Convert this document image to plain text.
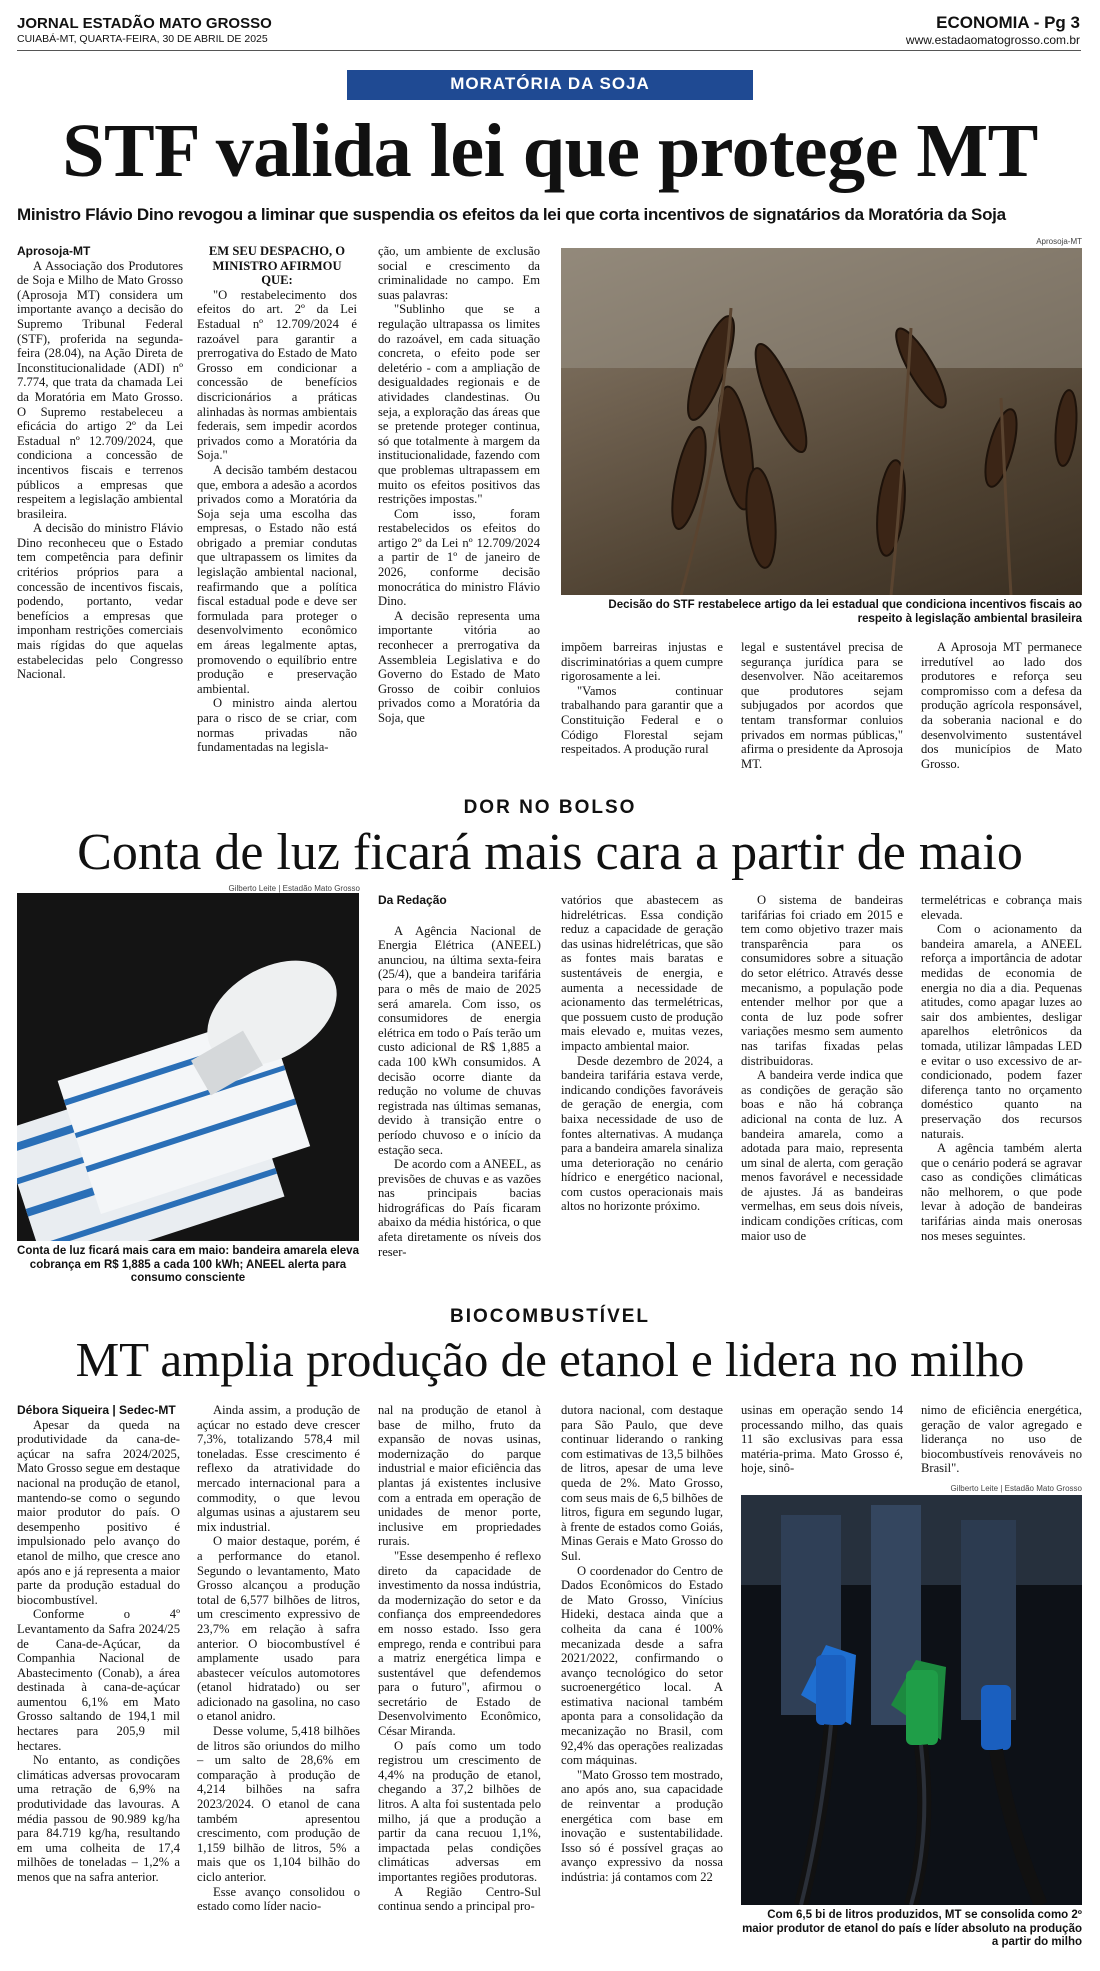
JORNAL ESTADÃO MATO GROSSO
CUIABÁ-MT, QUARTA-FEIRA, 30 DE ABRIL DE 2025
ECONOMIA - Pg 3
www.estadaomatogrosso.com.br
MORATÓRIA DA SOJA
STF valida lei que protege MT
Ministro Flávio Dino revogou a liminar que suspendia os efeitos da lei que corta incentivos de signatários da Moratória da Soja

Aprosoja-MT

A Associação dos Produtores de Soja e Milho de Mato Grosso (Aprosoja MT) considera um importante avanço a decisão do Supremo Tribunal Federal (STF), proferida na segunda-feira (28.04), na Ação Direta de Inconstitucionalidade (ADI) nº 7.774, que trata da chamada Lei da Moratória em Mato Grosso. O Supremo restabeleceu a eficácia do artigo 2º da Lei Estadual nº 12.709/2024, que condiciona a concessão de incentivos fiscais e terrenos públicos a empresas que respeitem a legislação ambiental brasileira.

A decisão do ministro Flávio Dino reconheceu que o Estado tem competência para definir critérios próprios para a concessão de incentivos fiscais, podendo, portanto, vedar benefícios a empresas que imponham restrições comerciais mais rígidas do que aquelas estabelecidas pelo Congresso Nacional.

EM SEU DESPACHO, O MINISTRO AFIRMOU QUE:

"O restabelecimento dos efeitos do art. 2º da Lei Estadual nº 12.709/2024 é razoável para garantir a prerrogativa do Estado de Mato Grosso em condicionar a concessão de benefícios discricionários a práticas alinhadas às normas ambientais federais, sem impedir acordos privados como a Moratória da Soja."

A decisão também destacou que, embora a adesão a acordos privados como a Moratória da Soja seja uma escolha das empresas, o Estado não está obrigado a premiar condutas que ultrapassem os limites da legislação ambiental nacional, reafirmando que a política fiscal estadual pode e deve ser formulada para proteger o desenvolvimento econômico em áreas legalmente aptas, promovendo o equilíbrio entre produção e preservação ambiental.

O ministro ainda alertou para o risco de se criar, com normas privadas não fundamentadas na legisla-

ção, um ambiente de exclusão social e crescimento da criminalidade no campo. Em suas palavras:

"Sublinho que se a regulação ultrapassa os limites do razoável, em cada situação concreta, o efeito pode ser deletério - com a ampliação de desigualdades regionais e de atividades clandestinas. Ou seja, a exploração das áreas que se pretende proteger continua, só que totalmente à margem da institucionalidade, fazendo com que problemas ultrapassem em muito os efeitos positivos das restrições impostas."

Com isso, foram restabelecidos os efeitos do artigo 2º da Lei nº 12.709/2024 a partir de 1º de janeiro de 2026, conforme decisão monocrática do ministro Flávio Dino.

A decisão representa uma importante vitória ao reconhecer a prerrogativa da Assembleia Legislativa e do Governo do Estado de Mato Grosso de coibir conluios privados como a Moratória da Soja, que

Aprosoja-MT
Decisão do STF restabelece artigo da lei estadual que condiciona incentivos fiscais ao respeito à legislação ambiental brasileira

impõem barreiras injustas e discriminatórias a quem cumpre rigorosamente a lei.

"Vamos continuar trabalhando para garantir que a Constituição Federal e o Código Florestal sejam respeitados. A produção rural

legal e sustentável precisa de segurança jurídica para se desenvolver. Não aceitaremos que produtores sejam subjugados por acordos que tentam transformar conluios privados em normas públicas," afirma o presidente da Aprosoja MT.

A Aprosoja MT permanece irredutível ao lado dos produtores e reforça seu compromisso com a defesa da produção agrícola responsável, da soberania nacional e do desenvolvimento sustentável dos municípios de Mato Grosso.

DOR NO BOLSO
Conta de luz ficará mais cara a partir de maio
Gilberto Leite | Estadão Mato Grosso
Conta de luz ficará mais cara em maio: bandeira amarela eleva cobrança em R$ 1,885 a cada 100 kWh; ANEEL alerta para consumo consciente

Da Redação

A Agência Nacional de Energia Elétrica (ANEEL) anunciou, na última sexta-feira (25/4), que a bandeira tarifária para o mês de maio de 2025 será amarela. Com isso, os consumidores de energia elétrica em todo o País terão um custo adicional de R$ 1,885 a cada 100 kWh consumidos. A decisão ocorre diante da redução no volume de chuvas registrada nas últimas semanas, devido à transição entre o período chuvoso e o início da estação seca.

De acordo com a ANEEL, as previsões de chuvas e as vazões nas principais bacias hidrográficas do País ficaram abaixo da média histórica, o que afeta diretamente os níveis dos reser-

vatórios que abastecem as hidrelétricas. Essa condição reduz a capacidade de geração das usinas hidrelétricas, que são as fontes mais baratas e sustentáveis de energia, e aumenta a necessidade de acionamento das termelétricas, que possuem custo de produção mais elevado e, muitas vezes, impacto ambiental maior.

Desde dezembro de 2024, a bandeira tarifária estava verde, indicando condições favoráveis de geração de energia, com baixa necessidade de uso de fontes alternativas. A mudança para a bandeira amarela sinaliza uma deterioração no cenário hídrico e energético nacional, com custos operacionais mais altos no horizonte próximo.

O sistema de bandeiras tarifárias foi criado em 2015 e tem como objetivo trazer mais transparência para os consumidores sobre a situação do setor elétrico. Através desse mecanismo, a população pode entender melhor por que a conta de luz pode sofrer variações mesmo sem aumento nas tarifas fixadas pelas distribuidoras.

A bandeira verde indica que as condições de geração são boas e não há cobrança adicional na conta de luz. A bandeira amarela, como a adotada para maio, representa um sinal de alerta, com geração menos favorável e necessidade de ajustes. Já as bandeiras vermelhas, em seus dois níveis, indicam condições críticas, com maior uso de

termelétricas e cobrança mais elevada.

Com o acionamento da bandeira amarela, a ANEEL reforça a importância de adotar medidas de economia de energia no dia a dia. Pequenas atitudes, como apagar luzes ao sair dos ambientes, desligar aparelhos eletrônicos da tomada, utilizar lâmpadas LED e evitar o uso excessivo de ar-condicionado, podem fazer diferença tanto no orçamento doméstico quanto na preservação dos recursos naturais.

A agência também alerta que o cenário poderá se agravar caso as condições climáticas não melhorem, o que pode levar à adoção de bandeiras tarifárias ainda mais onerosas nos meses seguintes.

BIOCOMBUSTÍVEL
MT amplia produção de etanol e lidera no milho

Débora Siqueira | Sedec-MT

Apesar da queda na produtividade da cana-de-açúcar na safra 2024/2025, Mato Grosso segue em destaque nacional na produção de etanol, mantendo-se como o segundo maior produtor do país. O desempenho positivo é impulsionado pelo avanço do etanol de milho, que cresce ano após ano e já representa a maior parte da produção estadual do biocombustível.

Conforme o 4º Levantamento da Safra 2024/25 de Cana-de-Açúcar, da Companhia Nacional de Abastecimento (Conab), a área destinada à cana-de-açúcar aumentou 6,1% em Mato Grosso saltando de 194,1 mil hectares para 205,9 mil hectares.

No entanto, as condições climáticas adversas provocaram uma retração de 6,9% na produtividade das lavouras. A média passou de 90.989 kg/ha para 84.719 kg/ha, resultando em uma colheita de 17,4 milhões de toneladas – 1,2% a menos que na safra anterior.

Ainda assim, a produção de açúcar no estado deve crescer 7,3%, totalizando 578,4 mil toneladas. Esse crescimento é reflexo da atratividade do mercado internacional para a commodity, o que levou algumas usinas a ajustarem seu mix industrial.

O maior destaque, porém, é a performance do etanol. Segundo o levantamento, Mato Grosso alcançou a produção total de 6,577 bilhões de litros, um crescimento expressivo de 23,7% em relação à safra anterior. O biocombustível é amplamente usado para abastecer veículos automotores (etanol hidratado) ou ser adicionado na gasolina, no caso o etanol anidro.

Desse volume, 5,418 bilhões de litros são oriundos do milho – um salto de 28,6% em comparação à produção de 4,214 bilhões na safra 2023/2024. O etanol de cana também apresentou crescimento, com produção de 1,159 bilhão de litros, 5% a mais que os 1,104 bilhão do ciclo anterior.

Esse avanço consolidou o estado como líder nacio-

nal na produção de etanol à base de milho, fruto da expansão de novas usinas, modernização do parque industrial e maior eficiência das plantas já existentes inclusive com a entrada em operação de unidades de menor porte, inclusive em propriedades rurais.

"Esse desempenho é reflexo direto da capacidade de investimento da nossa indústria, da modernização do setor e da confiança dos empreendedores em nosso estado. Isso gera emprego, renda e contribui para a matriz energética limpa e sustentável que defendemos para o futuro", afirmou o secretário de Estado de Desenvolvimento Econômico, César Miranda.

O país como um todo registrou um crescimento de 4,4% na produção de etanol, chegando a 37,2 bilhões de litros. A alta foi sustentada pelo milho, já que a produção a partir da cana recuou 1,1%, impactada pelas condições climáticas adversas em importantes regiões produtoras.

A Região Centro-Sul continua sendo a principal pro-

dutora nacional, com destaque para São Paulo, que deve continuar liderando o ranking com estimativas de 13,5 bilhões de litros, apesar de uma leve queda de 2%. Mato Grosso, com seus mais de 6,5 bilhões de litros, figura em segundo lugar, à frente de estados como Goiás, Minas Gerais e Mato Grosso do Sul.

O coordenador do Centro de Dados Econômicos do Estado de Mato Grosso, Vinícius Hideki, destaca ainda que a colheita da cana é 100% mecanizada desde a safra 2021/2022, confirmando o avanço tecnológico do setor sucroenergético local. A estimativa nacional também aponta para a consolidação da mecanização no Brasil, com 92,4% das operações realizadas com máquinas.

"Mato Grosso tem mostrado, ano após ano, sua capacidade de reinventar a produção energética com base em inovação e sustentabilidade. Isso só é possível graças ao avanço expressivo da nossa indústria: já contamos com 22

usinas em operação sendo 14 processando milho, das quais 11 são exclusivas para essa matéria-prima. Mato Grosso é, hoje, sinô-

nimo de eficiência energética, geração de valor agregado e liderança no uso de biocombustíveis renováveis no Brasil".

Gilberto Leite | Estadão Mato Grosso
Com 6,5 bi de litros produzidos, MT se consolida como 2º maior produtor de etanol do país e líder absoluto na produção a partir do milho
